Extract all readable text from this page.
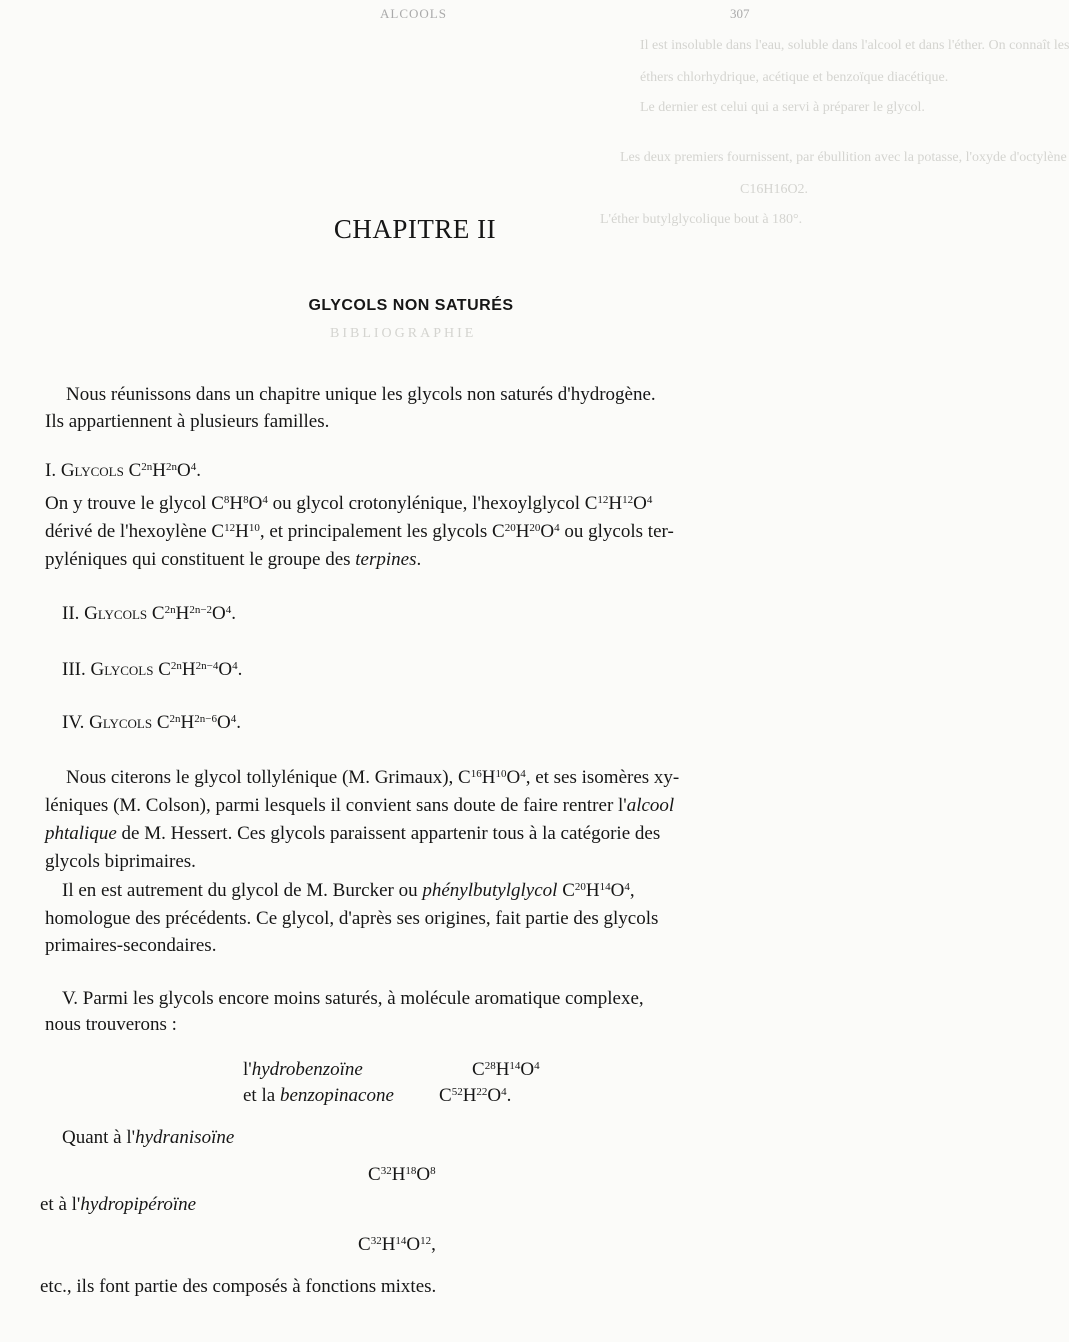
ALCOOLS	307
Il est insoluble dans l'eau, soluble dans l'alcool et dans l'éther. On connaît les
éthers chlorhydrique, acétique et benzoïque diacétique.
Le dernier est celui qui a servi à préparer le glycol.
Les deux premiers fournissent, par ébullition avec la potasse, l'oxyde d'octylène
C16H16O2.
L'éther butylglycolique bout à 180°.
BIBLIOGRAPHIE
CHAPITRE II
GLYCOLS NON SATURÉS
Nous réunissons dans un chapitre unique les glycols non saturés d'hydrogène.
Ils appartiennent à plusieurs familles.
I. Glycols $C^{2n}H^{2n}O^4$.
On y trouve le glycol $C^8H^8O^4$ ou glycol crotonylénique, l'hexoylglycol $C^{12}H^{12}O^4$
dérivé de l'hexoylène $C^{12}H^{10}$, et principalement les glycols $C^{20}H^{20}O^4$ ou glycols ter-
pyléniques qui constituent le groupe des terpines.
II. Glycols $C^{2n}H^{2n-2}O^4$.
III. Glycols $C^{2n}H^{2n-4}O^4$.
IV. Glycols $C^{2n}H^{2n-6}O^4$.
Nous citerons le glycol tollylénique (M. Grimaux), $C^{16}H^{10}O^4$, et ses isomères xy-
léniques (M. Colson), parmi lesquels il convient sans doute de faire rentrer l'alcool
phtalique de M. Hessert. Ces glycols paraissent appartenir tous à la catégorie des
glycols biprimaires.
Il en est autrement du glycol de M. Burcker ou phénylbutylglycol $C^{20}H^{14}O^4$,
homologue des précédents. Ce glycol, d'après ses origines, fait partie des glycols
primaires-secondaires.
V. Parmi les glycols encore moins saturés, à molécule aromatique complexe,
nous trouverons :
l'hydrobenzoïne	$C^{28}H^{14}O^4$
et la benzopinacone $C^{52}H^{22}O^4$.
Quant à l'hydranisoïne
$C^{32}H^{18}O^8$
et à l'hydropipéroïne
$C^{32}H^{14}O^{12}$,
etc., ils font partie des composés à fonctions mixtes.
